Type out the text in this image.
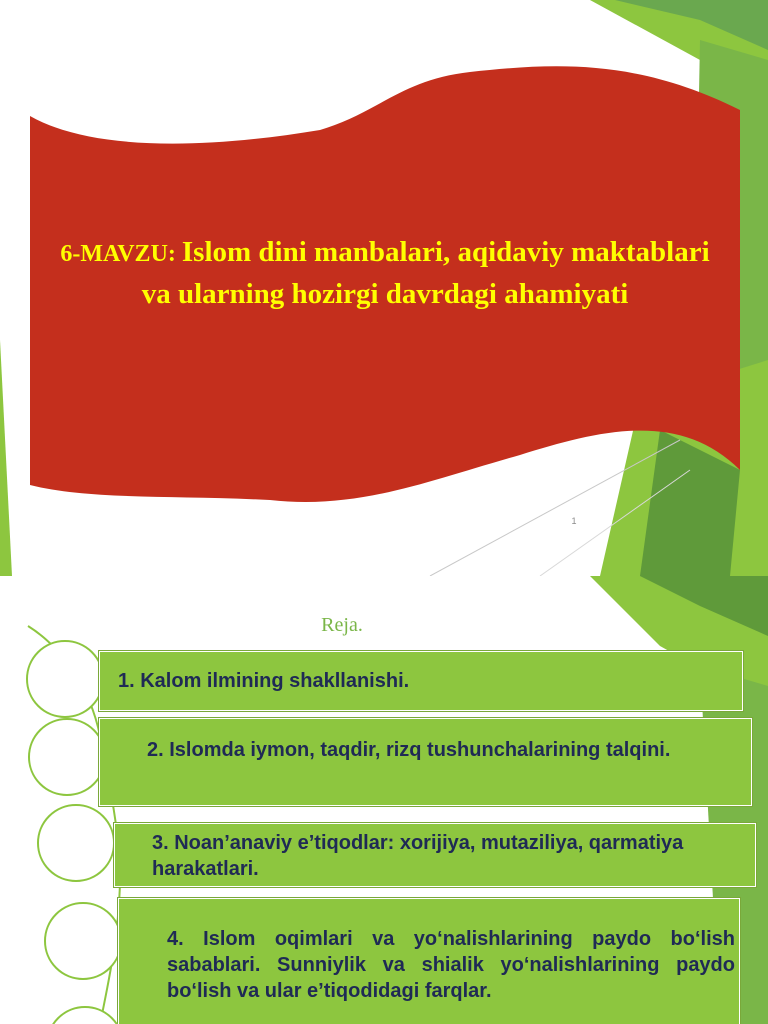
6-MAVZU: Islom dini manbalari, aqidaviy maktablari va ularning hozirgi davrdagi ahamiyati
1
Reja.
1. Kalom ilmining shakllanishi.
2. Islomda iymon, taqdir, rizq tushunchalarining talqini.
3. Noan’anaviy e’tiqodlar: xorijiya, mutaziliya, qarmatiya harakatlari.
4. Islom oqimlari va yo‘nalishlarining paydo bo‘lish sabablari. Sunniylik va shialik yo‘nalishlarining paydo bo‘lish va ular e’tiqodidagi farqlar.
